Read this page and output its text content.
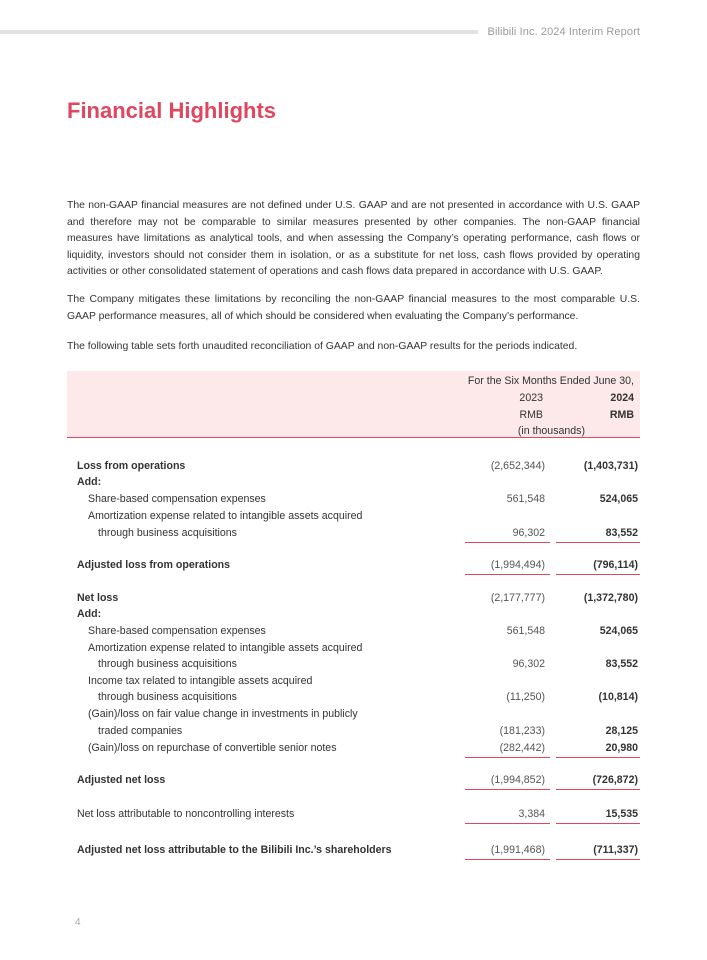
Bilibili Inc. 2024 Interim Report
Financial Highlights

The non-GAAP financial measures are not defined under U.S. GAAP and are not presented in accordance with U.S. GAAP and therefore may not be comparable to similar measures presented by other companies. The non-GAAP financial measures have limitations as analytical tools, and when assessing the Company’s operating performance, cash flows or liquidity, investors should not consider them in isolation, or as a substitute for net loss, cash flows provided by operating activities or other consolidated statement of operations and cash flows data prepared in accordance with U.S. GAAP.

The Company mitigates these limitations by reconciling the non-GAAP financial measures to the most comparable U.S. GAAP performance measures, all of which should be considered when evaluating the Company’s performance.

The following table sets forth unaudited reconciliation of GAAP and non-GAAP results for the periods indicated.

For the Six Months Ended June 30,
2023	2024
RMB	RMB
(in thousands)
Loss from operations	(2,652,344)	(1,403,731)
Add:
Share-based compensation expenses	561,548	524,065
Amortization expense related to intangible assets acquired
through business acquisitions	96,302	83,552
Adjusted loss from operations	(1,994,494)	(796,114)
Net loss	(2,177,777)	(1,372,780)
Add:
Share-based compensation expenses	561,548	524,065
Amortization expense related to intangible assets acquired
through business acquisitions	96,302	83,552
Income tax related to intangible assets acquired
through business acquisitions	(11,250)	(10,814)
(Gain)/loss on fair value change in investments in publicly
traded companies	(181,233)	28,125
(Gain)/loss on repurchase of convertible senior notes	(282,442)	20,980
Adjusted net loss	(1,994,852)	(726,872)
Net loss attributable to noncontrolling interests	3,384	15,535
Adjusted net loss attributable to the Bilibili Inc.’s shareholders	(1,991,468)	(711,337)
4
